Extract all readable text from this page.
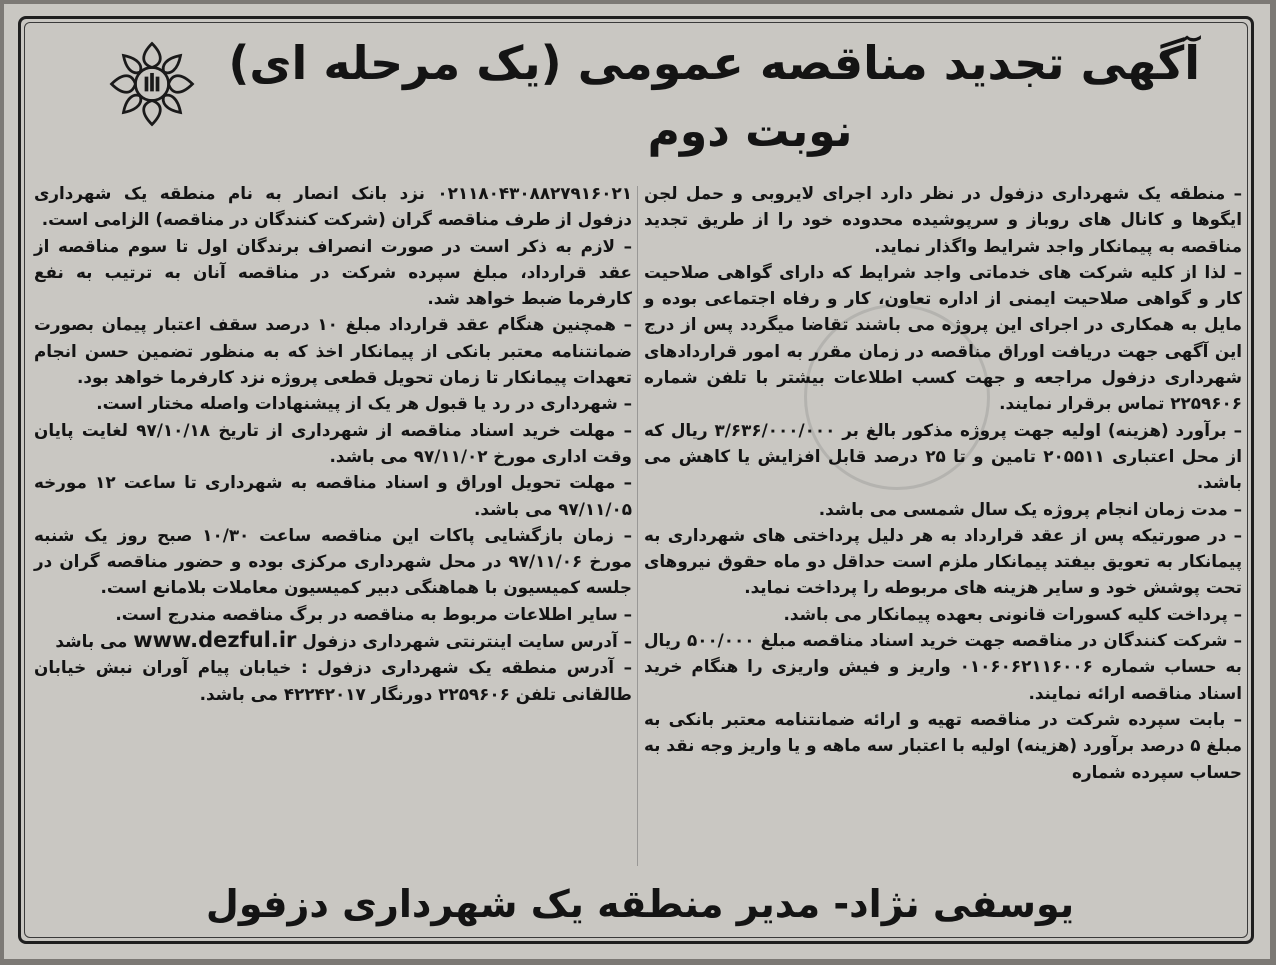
آگهی تجدید مناقصه عمومی (یک مرحله ای)
نوبت دوم

– منطقه یک شهرداری دزفول در نظر دارد اجرای لایروبی و حمل لجن ایگوها و کانال های روباز و سرپوشیده محدوده خود را از طریق تجدید مناقصه به پیمانکار واجد شرایط واگذار نماید.

– لذا از کلیه شرکت های خدماتی واجد شرایط که دارای گواهی صلاحیت کار و گواهی صلاحیت ایمنی از اداره تعاون، کار و رفاه اجتماعی بوده و مایل به همکاری در اجرای این پروژه می باشند تقاضا میگردد پس از درج این آگهی جهت دریافت اوراق مناقصه در زمان مقرر به امور قراردادهای شهرداری دزفول مراجعه و جهت کسب اطلاعات بیشتر با تلفن شماره ۲۲۵۹۶۰۶ تماس برقرار نمایند.

– برآورد (هزینه) اولیه جهت پروژه مذکور بالغ بر ۳/۶۳۶/۰۰۰/۰۰۰ ریال که از محل اعتباری ۲۰۵۵۱۱ تامین و تا ۲۵ درصد قابل افزایش یا کاهش می باشد.

– مدت زمان انجام پروژه یک سال شمسی می باشد.

– در صورتیکه پس از عقد قرارداد به هر دلیل پرداختی های شهرداری به پیمانکار به تعویق بیفتد پیمانکار ملزم است حداقل دو ماه حقوق نیروهای تحت پوشش خود و سایر هزینه های مربوطه را پرداخت نماید.

– پرداخت کلیه کسورات قانونی بعهده پیمانکار می باشد.

– شرکت کنندگان در مناقصه جهت خرید اسناد مناقصه مبلغ ۵۰۰/۰۰۰ ریال به حساب شماره ۰۱۰۶۰۶۲۱۱۶۰۰۶ واریز و فیش واریزی را هنگام خرید اسناد مناقصه ارائه نمایند.

– بابت سپرده شرکت در مناقصه تهیه و ارائه ضمانتنامه معتبر بانکی به مبلغ ۵ درصد برآورد (هزینه) اولیه با اعتبار سه ماهه و یا واریز وجه نقد به حساب سپرده شماره

۰۲۱۱۸۰۴۳۰۸۸۲۷۹۱۶۰۲۱ نزد بانک انصار به نام منطقه یک شهرداری دزفول از طرف مناقصه گران (شرکت کنندگان در مناقصه) الزامی است.

– لازم به ذکر است در صورت انصراف برندگان اول تا سوم مناقصه از عقد قرارداد، مبلغ سپرده شرکت در مناقصه آنان به ترتیب به نفع کارفرما ضبط خواهد شد.

– همچنین هنگام عقد قرارداد مبلغ ۱۰ درصد سقف اعتبار پیمان بصورت ضمانتنامه معتبر بانکی از پیمانکار اخذ که به منظور تضمین حسن انجام تعهدات پیمانکار تا زمان تحویل قطعی پروژه نزد کارفرما خواهد بود.

– شهرداری در رد یا قبول هر یک از پیشنهادات واصله مختار است.

– مهلت خرید اسناد مناقصه از شهرداری از تاریخ ۹۷/۱۰/۱۸ لغایت پایان وقت اداری مورخ ۹۷/۱۱/۰۲ می باشد.

– مهلت تحویل اوراق و اسناد مناقصه به شهرداری تا ساعت ۱۲ مورخه ۹۷/۱۱/۰۵ می باشد.

– زمان بازگشایی پاکات این مناقصه ساعت ۱۰/۳۰ صبح روز یک شنبه مورخ ۹۷/۱۱/۰۶ در محل شهرداری مرکزی بوده و حضور مناقصه گران در جلسه کمیسیون با هماهنگی دبیر کمیسیون معاملات بلامانع است.

– سایر اطلاعات مربوط به مناقصه در برگ مناقصه مندرج است.

– آدرس سایت اینترنتی شهرداری دزفول www.dezful.ir می باشد

– آدرس منطقه یک شهرداری دزفول : خیابان پیام آوران نبش خیابان طالقانی تلفن ۲۲۵۹۶۰۶ دورنگار ۴۲۲۴۲۰۱۷ می باشد.

یوسفی نژاد- مدیر منطقه یک شهرداری دزفول
